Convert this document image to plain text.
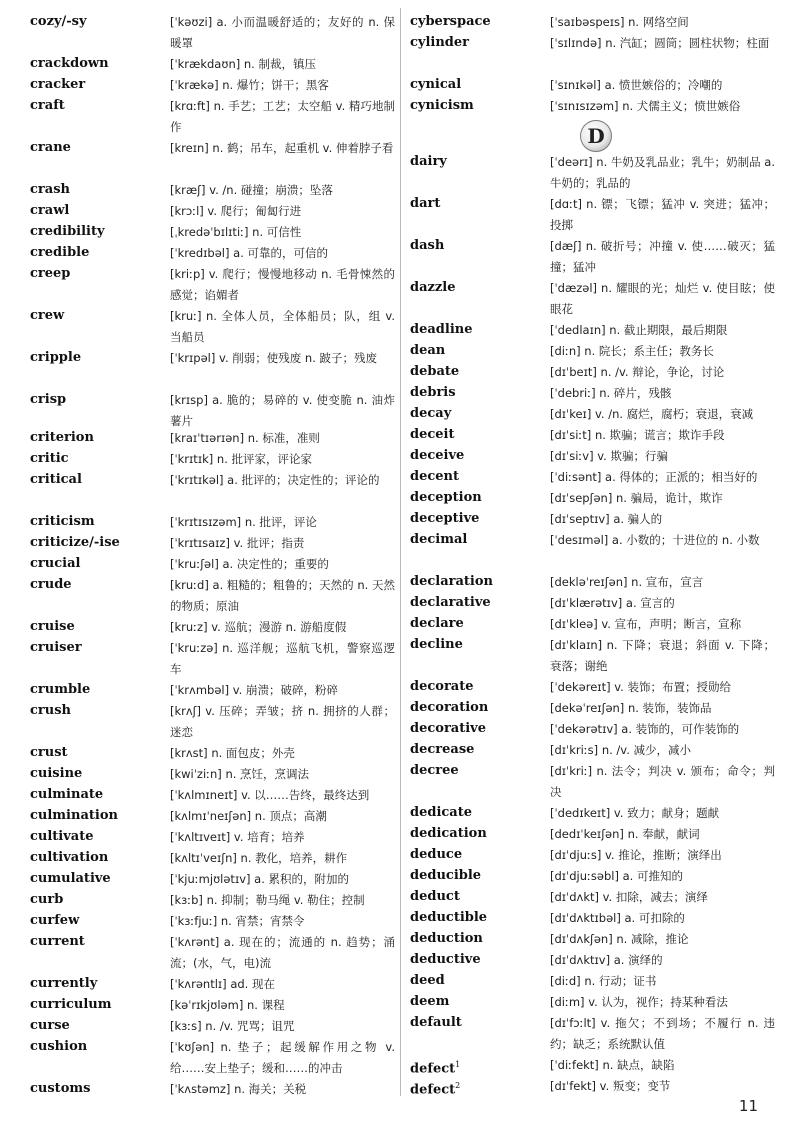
cozy/-sy	[ˈkəʊzi] a. 小而温暖舒适的；友好的 n. 保暖罩
crackdown	[ˈkrækdaʊn] n. 制裁，镇压
cracker	[ˈkrækə] n. 爆竹；饼干；黑客
craft	[krɑːft] n. 手艺；工艺；太空船 v. 精巧地制作
crane	[kreɪn] n. 鹤；吊车，起重机 v. 伸着脖子看
crash	[kræʃ] v. /n. 碰撞；崩溃；坠落
crawl	[krɔːl] v. 爬行；匍匐行进
credibility	[ˌkredəˈbɪlɪtiː] n. 可信性
credible	[ˈkredɪbəl] a. 可靠的，可信的
creep	[kriːp] v. 爬行；慢慢地移动 n. 毛骨悚然的感觉；谄媚者
crew	[kruː] n. 全体人员，全体船员；队，组 v. 当船员
cripple	[ˈkrɪpəl] v. 削弱；使残废 n. 跛子；残废
crisp	[krɪsp] a. 脆的；易碎的 v. 使变脆 n. 油炸薯片
criterion	[kraɪˈtɪərɪən] n. 标准，准则
critic	[ˈkrɪtɪk] n. 批评家，评论家
critical	[ˈkrɪtɪkəl] a. 批评的；决定性的；评论的
criticism	[ˈkrɪtɪsɪzəm] n. 批评，评论
criticize/-ise	[ˈkrɪtɪsaɪz] v. 批评；指责
crucial	[ˈkruːʃəl] a. 决定性的；重要的
crude	[kruːd] a. 粗糙的；粗鲁的；天然的 n. 天然的物质；原油
cruise	[kruːz] v. 巡航；漫游 n. 游船度假
cruiser	[ˈkruːzə] n. 巡洋舰；巡航飞机，警察巡逻车
crumble	[ˈkrʌmbəl] v. 崩溃；破碎，粉碎
crush	[krʌʃ] v. 压碎；弄皱；挤 n. 拥挤的人群；迷恋
crust	[krʌst] n. 面包皮；外壳
cuisine	[kwiˈziːn] n. 烹饪，烹调法
culminate	[ˈkʌlmɪneɪt] v. 以……告终，最终达到
culmination	[kʌlmɪˈneɪʃən] n. 顶点；高潮
cultivate	[ˈkʌltɪveɪt] v. 培育；培养
cultivation	[kʌltɪˈveɪʃn] n. 教化，培养，耕作
cumulative	[ˈkjuːmjʊlətɪv] a. 累积的，附加的
curb	[kɜːb] n. 抑制；勒马绳 v. 勒住；控制
curfew	[ˈkɜːfjuː] n. 宵禁；宵禁令
current	[ˈkʌrənt] a. 现在的；流通的 n. 趋势；涌流；(水，气，电)流
currently	[ˈkʌrəntlɪ] ad. 现在
curriculum	[kəˈrɪkjʊləm] n. 课程
curse	[kɜːs] n. /v. 咒骂；诅咒
cushion	[ˈkʊʃən] n. 垫子；起缓解作用之物 v. 给……安上垫子；缓和……的冲击
customs	[ˈkʌstəmz] n. 海关；关税
cyberspace	[ˈsaɪbəspeɪs] n. 网络空间
cylinder	[ˈsɪlɪndə] n. 汽缸；圆筒；圆柱状物；柱面
cynical	[ˈsɪnɪkəl] a. 愤世嫉俗的；冷嘲的
cynicism	[ˈsɪnɪsɪzəm] n. 犬儒主义；愤世嫉俗
dairy	[ˈdeərɪ] n. 牛奶及乳品业；乳牛；奶制品 a. 牛奶的；乳品的
dart	[dɑːt] n. 镖；飞镖；猛冲 v. 突进；猛冲；投掷
dash	[dæʃ] n. 破折号；冲撞 v. 使……破灭；猛撞；猛冲
dazzle	[ˈdæzəl] n. 耀眼的光；灿烂 v. 使目眩；使眼花
deadline	[ˈdedlaɪn] n. 截止期限，最后期限
dean	[diːn] n. 院长；系主任；教务长
debate	[dɪˈbeɪt] n. /v. 辩论，争论，讨论
debris	[ˈdebriː] n. 碎片，残骸
decay	[dɪˈkeɪ] v. /n. 腐烂，腐朽；衰退，衰减
deceit	[dɪˈsiːt] n. 欺骗；谎言；欺诈手段
deceive	[dɪˈsiːv] v. 欺骗；行骗
decent	[ˈdiːsənt] a. 得体的；正派的；相当好的
deception	[dɪˈsepʃən] n. 骗局，诡计，欺诈
deceptive	[dɪˈseptɪv] a. 骗人的
decimal	[ˈdesɪməl] a. 小数的；十进位的 n. 小数
declaration	[dekləˈreɪʃən] n. 宣布，宣言
declarative	[dɪˈklærətɪv] a. 宣言的
declare	[dɪˈkleə] v. 宣布，声明；断言，宣称
decline	[dɪˈklaɪn] n. 下降；衰退；斜面 v. 下降；衰落；谢绝
decorate	[ˈdekəreɪt] v. 装饰；布置；授勋给
decoration	[dekəˈreɪʃən] n. 装饰，装饰品
decorative	[ˈdekərətɪv] a. 装饰的，可作装饰的
decrease	[dɪˈkriːs] n. /v. 减少，减小
decree	[dɪˈkriː] n. 法令；判决 v. 颁布；命令；判决
dedicate	[ˈdedɪkeɪt] v. 致力；献身；题献
dedication	[dedɪˈkeɪʃən] n. 奉献，献词
deduce	[dɪˈdjuːs] v. 推论，推断；演绎出
deducible	[dɪˈdjuːsəbl] a. 可推知的
deduct	[dɪˈdʌkt] v. 扣除，减去；演绎
deductible	[dɪˈdʌktɪbəl] a. 可扣除的
deduction	[dɪˈdʌkʃən] n. 减除，推论
deductive	[dɪˈdʌktɪv] a. 演绎的
deed	[diːd] n. 行动；证书
deem	[diːm] v. 认为，视作；持某种看法
default	[dɪˈfɔːlt] v. 拖欠；不到场；不履行 n. 违约；缺乏；系统默认值
defect$^1$	[ˈdiːfekt] n. 缺点，缺陷
defect$^2$	[dɪˈfekt] v. 叛变；变节
D
11
